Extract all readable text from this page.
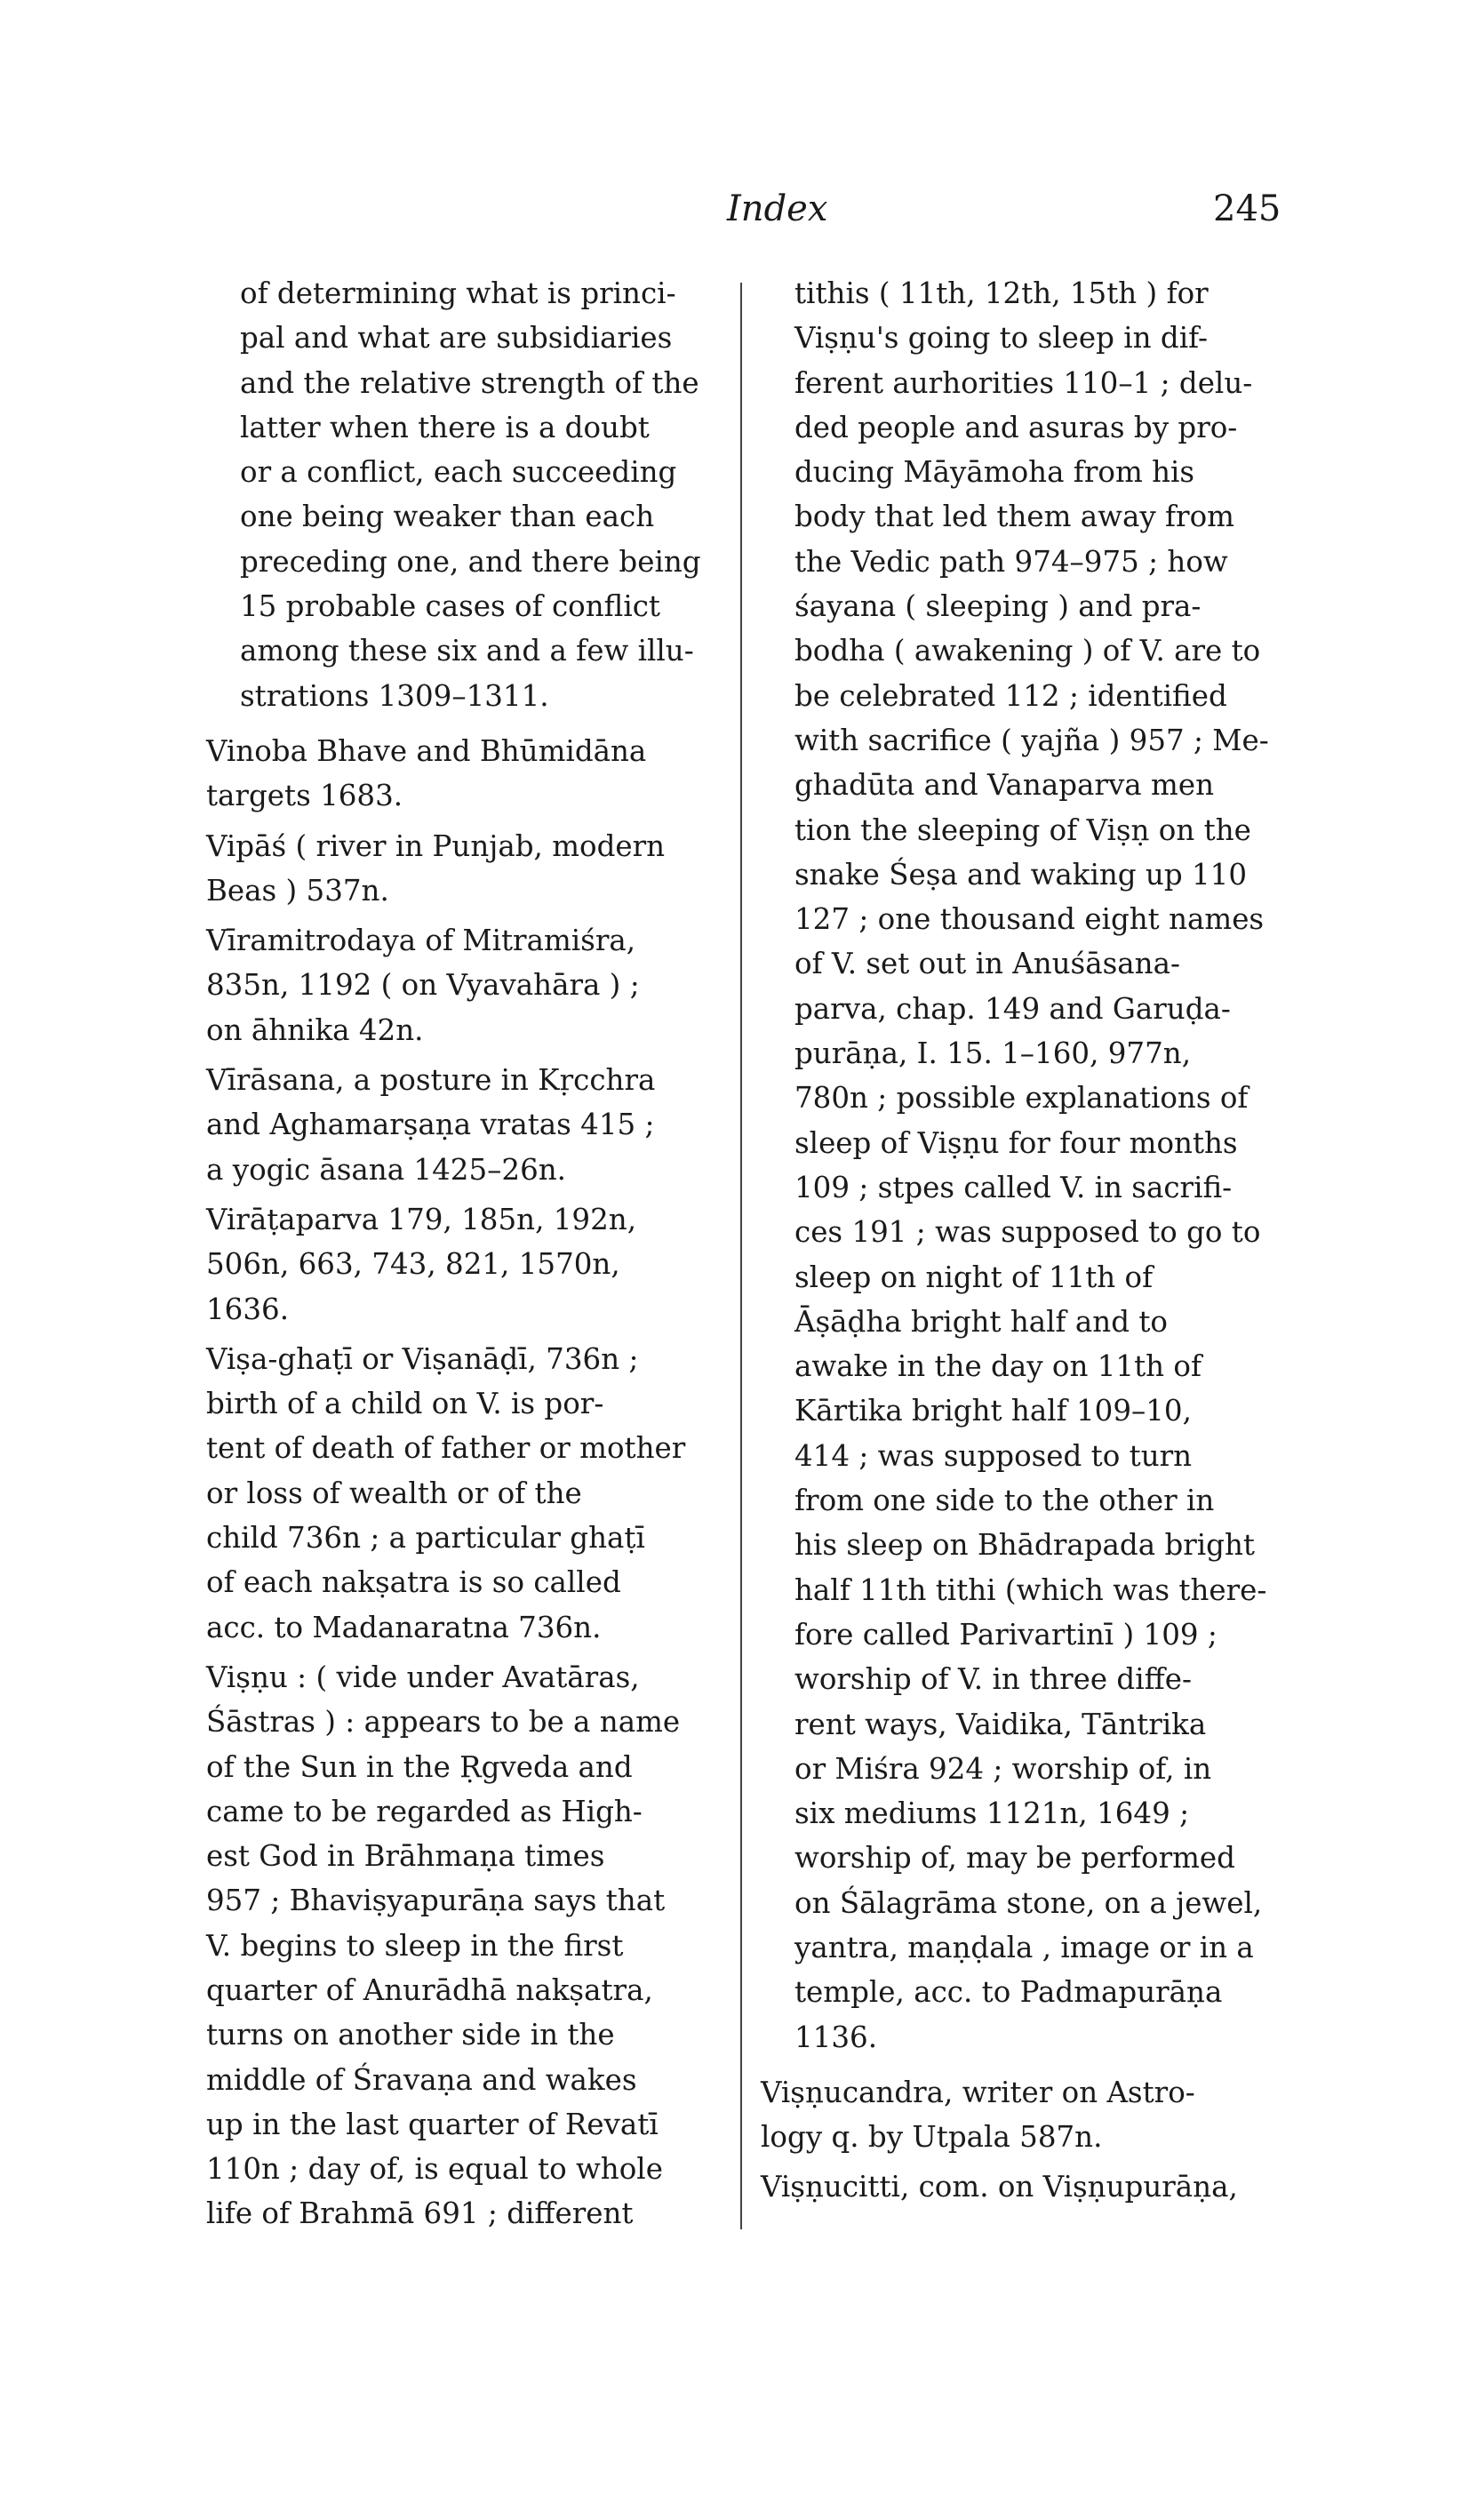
Index	245
of determining what is princi-
pal and what are subsidiaries
and the relative strength of the
latter when there is a doubt
or a conflict, each succeeding
one being weaker than each
preceding one, and there being
15 probable cases of conflict
among these six and a few illu-
strations 1309–1311.
Vinoba Bhave and Bhūmidāna
targets 1683.
Vipāś ( river in Punjab, modern
Beas ) 537n.
Vīramitrodaya of Mitramiśra,
835n, 1192 ( on Vyavahāra ) ;
on āhnika 42n.
Vīrāsana, a posture in Kṛcchra
and Aghamarṣaṇa vratas 415 ;
a yogic āsana 1425–26n.
Virāṭaparva 179, 185n, 192n,
506n, 663, 743, 821, 1570n,
1636.
Viṣa-ghaṭī or Viṣanāḍī, 736n ;
birth of a child on V. is por-
tent of death of father or mother
or loss of wealth or of the
child 736n ; a particular ghaṭī
of each nakṣatra is so called
acc. to Madanaratna 736n.
Viṣṇu : ( vide under Avatāras,
Śāstras ) : appears to be a name
of the Sun in the Ṛgveda and
came to be regarded as High-
est God in Brāhmaṇa times
957 ; Bhaviṣyapurāṇa says that
V. begins to sleep in the first
quarter of Anurādhā nakṣatra,
turns on another side in the
middle of Śravaṇa and wakes
up in the last quarter of Revatī
110n ; day of, is equal to whole
life of Brahmā 691 ; different
tithis ( 11th, 12th, 15th ) for
Viṣṇu's going to sleep in dif-
ferent aurhorities 110–1 ; delu-
ded people and asuras by pro-
ducing Māyāmoha from his
body that led them away from
the Vedic path 974–975 ; how
śayana ( sleeping ) and pra-
bodha ( awakening ) of V. are to
be celebrated 112 ; identified
with sacrifice ( yajña ) 957 ; Me-
ghadūta and Vanaparva men
tion the sleeping of Viṣṇ on the
snake Śeṣa and waking up 110
127 ; one thousand eight names
of V. set out in Anuśāsana-
parva, chap. 149 and Garuḍa-
purāṇa, I. 15. 1–160, 977n,
780n ; possible explanations of
sleep of Viṣṇu for four months
109 ; stpes called V. in sacrifi-
ces 191 ; was supposed to go to
sleep on night of 11th of
Āṣāḍha bright half and to
awake in the day on 11th of
Kārtika bright half 109–10,
414 ; was supposed to turn
from one side to the other in
his sleep on Bhādrapada bright
half 11th tithi (which was there-
fore called Parivartinī ) 109 ;
worship of V. in three diffe-
rent ways, Vaidika, Tāntrika
or Miśra 924 ; worship of, in
six mediums 1121n, 1649 ;
worship of, may be performed
on Śālagrāma stone, on a jewel,
yantra, maṇḍala , image or in a
temple, acc. to Padmapurāṇa
1136.
Viṣṇucandra, writer on Astro-
logy q. by Utpala 587n.
Viṣṇucitti, com. on Viṣṇupurāṇa,
